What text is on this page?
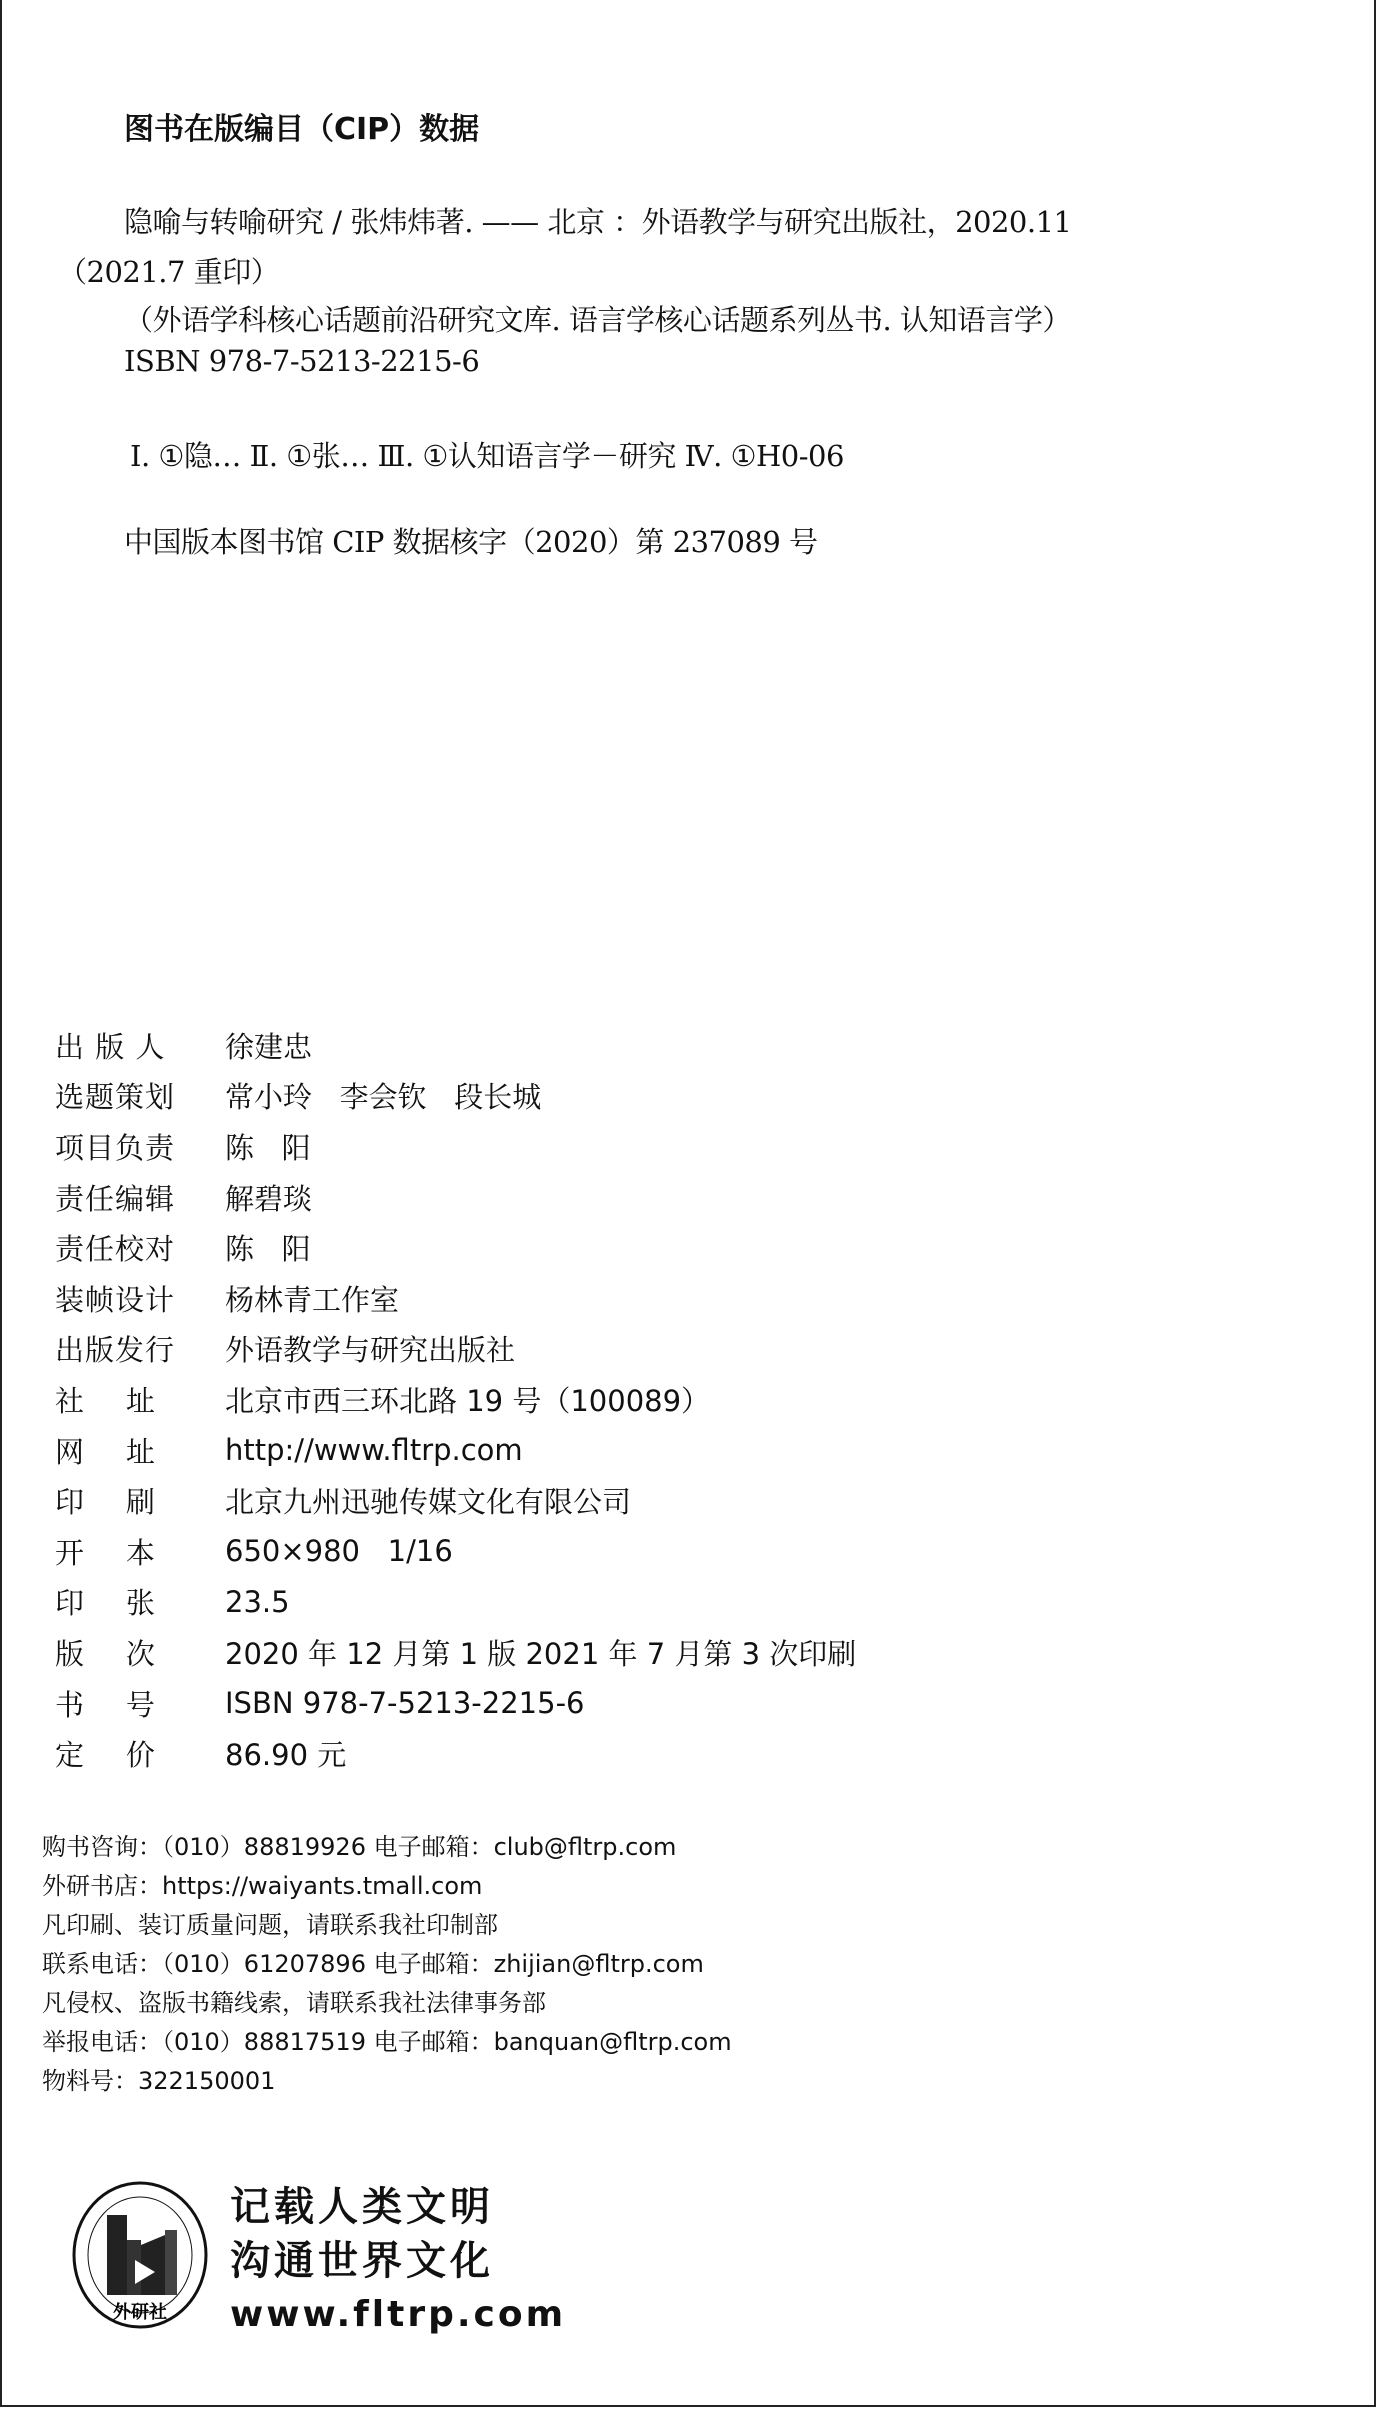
图书在版编目（CIP）数据
隐喻与转喻研究 / 张炜炜著. —— 北京 ：外语教学与研究出版社，2020.11
（2021.7 重印）
（外语学科核心话题前沿研究文库. 语言学核心话题系列丛书. 认知语言学）
ISBN 978-7-5213-2215-6
Ⅰ. ①隐… Ⅱ. ①张… Ⅲ. ①认知语言学－研究 Ⅳ. ①H0-06
中国版本图书馆 CIP 数据核字（2020）第 237089 号
出 版 人	徐建忠
选题策划	常小玲   李会钦   段长城
项目负责	陈   阳
责任编辑	解碧琰
责任校对	陈   阳
装帧设计	杨林青工作室
出版发行	外语教学与研究出版社
社    址	北京市西三环北路 19 号（100089）
网    址	http://www.fltrp.com
印    刷	北京九州迅驰传媒文化有限公司
开    本	650×980   1/16
印    张	23.5
版    次	2020 年 12 月第 1 版 2021 年 7 月第 3 次印刷
书    号	ISBN 978-7-5213-2215-6
定    价	86.90 元
购书咨询：（010）88819926 电子邮箱：club@fltrp.com
外研书店：https://waiyants.tmall.com
凡印刷、装订质量问题，请联系我社印制部
联系电话：（010）61207896 电子邮箱：zhijian@fltrp.com
凡侵权、盗版书籍线索，请联系我社法律事务部
举报电话：（010）88817519 电子邮箱：banquan@fltrp.com
物料号：322150001
外研社
记载人类文明
沟通世界文化
www.fltrp.com
